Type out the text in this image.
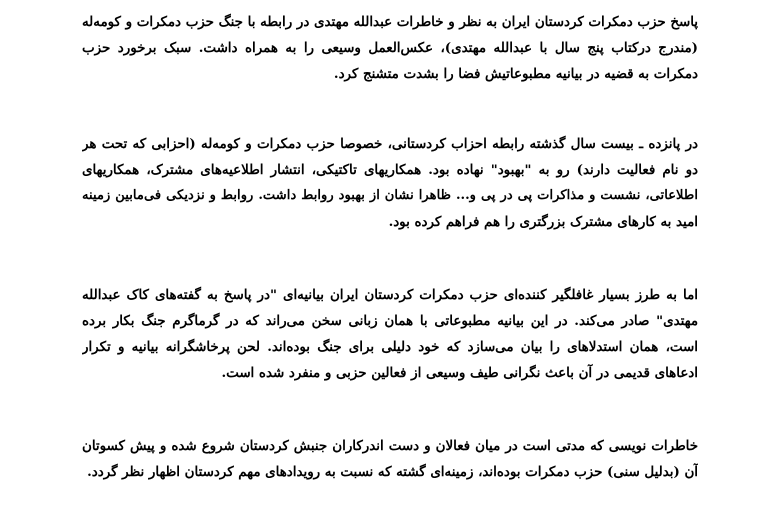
پاسخ حزب دمکرات کردستان ایران به نظر و خاطرات عبدالله مهتدی در رابطه با جنگ حزب دمکرات و کومه‌له
(مندرج درکتاب پنج سال با عبدالله مهتدی)، عکس‌العمل وسیعی را به همراه داشت. سبک برخورد حزب
دمکرات به قضیه در بیانیه مطبوعاتیش فضا را بشدت متشنج کرد.
در پانزده ـ بیست سال گذشته رابطه احزاب کردستانی، خصوصا حزب دمکرات و کومه‌له (احزابی که تحت هر
دو نام فعالیت دارند) رو به "بهبود" نهاده بود. همکاریهای تاکتیکی، انتشار اطلاعیه‌های مشترک، همکاریهای
اطلاعاتی، نشست و مذاکرات پی در پی و... ظاهرا نشان از بهبود روابط داشت. روابط و نزدیکی فی‌مابین زمینه
امید به کارهای مشترک بزرگتری را هم فراهم کرده بود.
اما به طرز بسیار غافلگیر کننده‌ای حزب دمکرات کردستان ایران بیانیه‌ای "در پاسخ به گفته‌های کاک عبدالله
مهتدی" صادر می‌کند. در این بیانیه مطبوعاتی با همان زبانی سخن می‌راند که در گرماگرم جنگ بکار برده
است، همان استدلاهای را بیان می‌سازد که خود دلیلی برای جنگ بوده‌اند. لحن پرخاشگرانه بیانیه و تکرار
ادعاهای قدیمی در آن باعث نگرانی طیف وسیعی از فعالین حزبی و منفرد شده است.
خاطرات نویسی که مدتی است در میان فعالان و دست اندرکاران جنبش کردستان شروع شده و پیش کسوتان
آن (بدلیل سنی) حزب دمکرات بوده‌اند، زمینه‌ای گشته که نسبت به رویدادهای مهم کردستان اظهار نظر گردد.
